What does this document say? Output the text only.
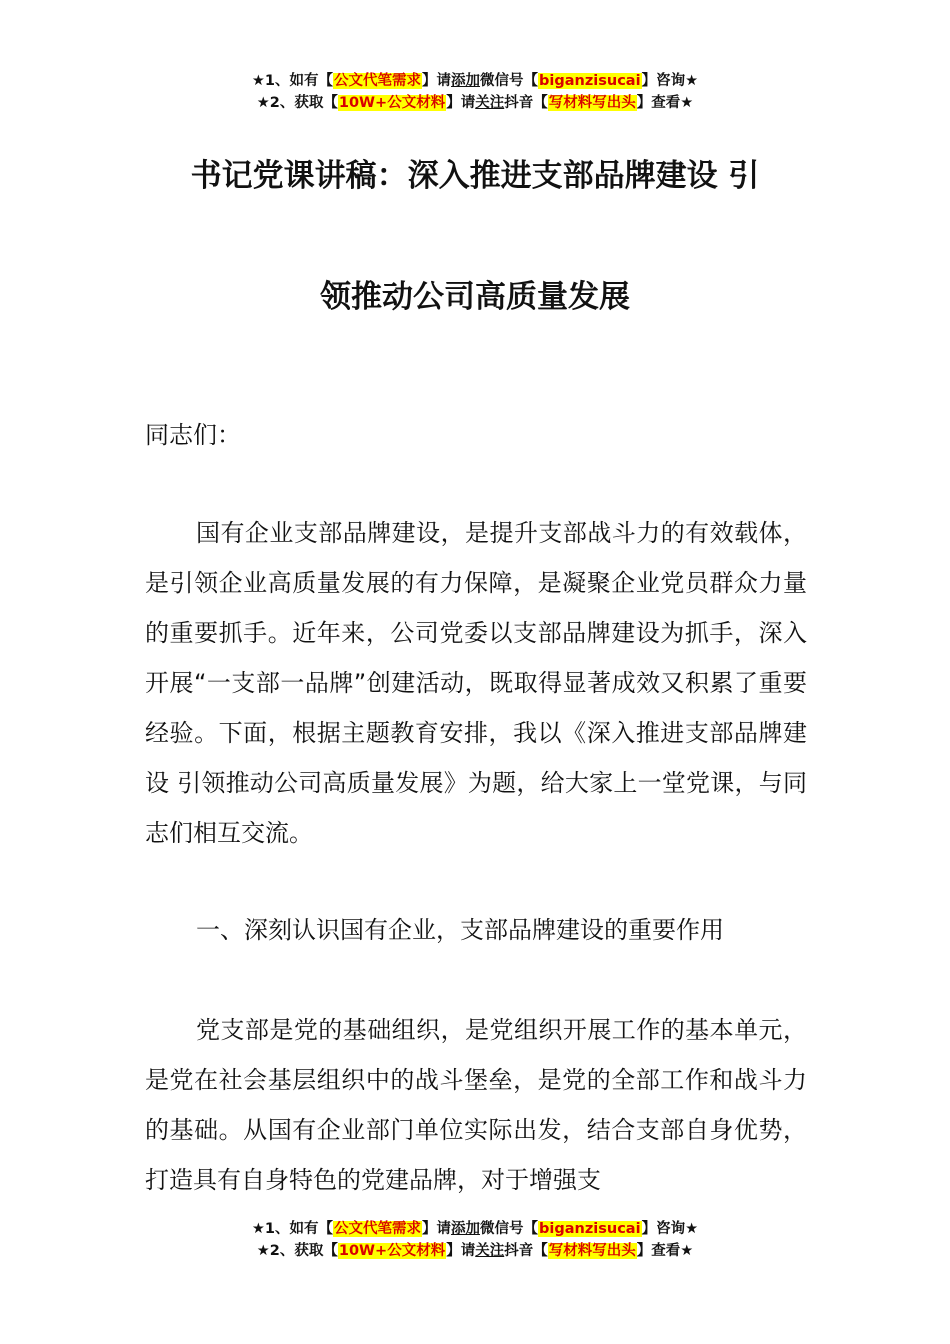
★1、如有【公文代笔需求】请添加微信号【biganzisucai】咨询★
★2、获取【10W+公文材料】请关注抖音【写材料写出头】查看★
书记党课讲稿：深入推进支部品牌建设 引
领推动公司高质量发展
同志们：

国有企业支部品牌建设，是提升支部战斗力的有效载体，是引领企业高质量发展的有力保障，是凝聚企业党员群众力量的重要抓手。近年来，公司党委以支部品牌建设为抓手，深入开展“一支部一品牌”创建活动，既取得显著成效又积累了重要经验。下面，根据主题教育安排，我以《深入推进支部品牌建设 引领推动公司高质量发展》为题，给大家上一堂党课，与同志们相互交流。

一、深刻认识国有企业，支部品牌建设的重要作用

党支部是党的基础组织，是党组织开展工作的基本单元，是党在社会基层组织中的战斗堡垒，是党的全部工作和战斗力的基础。从国有企业部门单位实际出发，结合支部自身优势，打造具有自身特色的党建品牌，对于增强支

★1、如有【公文代笔需求】请添加微信号【biganzisucai】咨询★
★2、获取【10W+公文材料】请关注抖音【写材料写出头】查看★
